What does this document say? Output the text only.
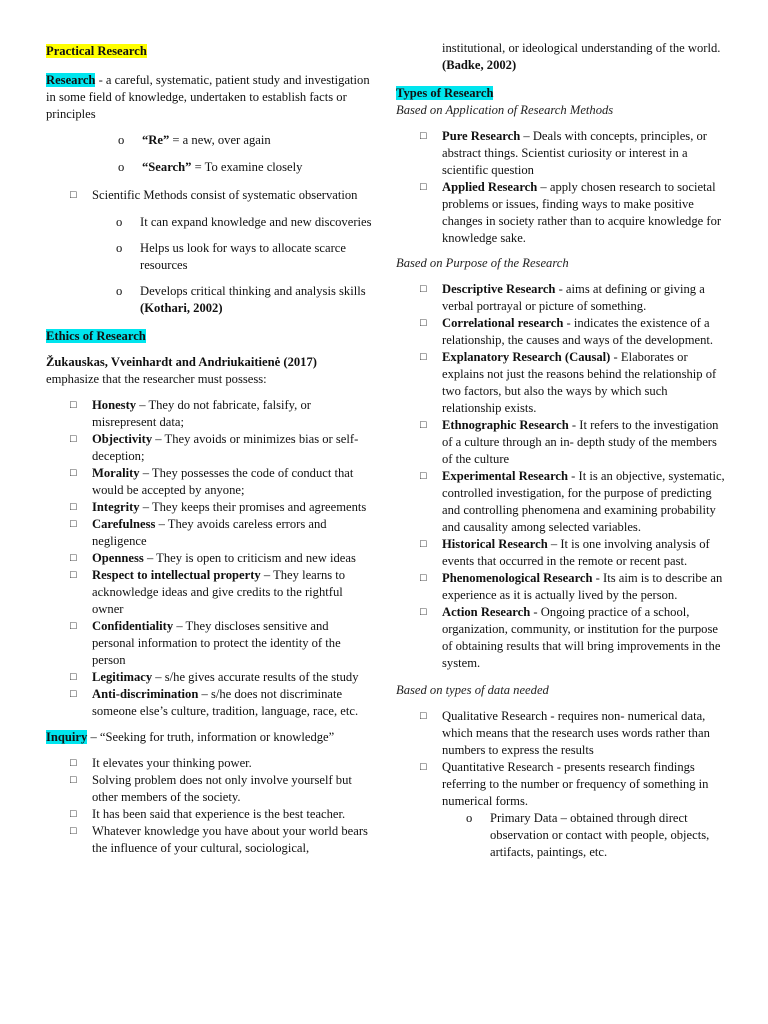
Practical Research

Research - a careful, systematic, patient study and investigation in some field of knowledge, undertaken to establish facts or principles

o “Re” = a new, over again
o “Search” = To examine closely
□ Scientific Methods consist of systematic observation
o It can expand knowledge and new discoveries
o Helps us look for ways to allocate scarce resources
o Develops critical thinking and analysis skills (Kothari, 2002)

Ethics of Research

Žukauskas, Vveinhardt and Andriukaitienė (2017)

emphasize that the researcher must possess:

□ Honesty – They do not fabricate, falsify, or misrepresent data;
□ Objectivity – They avoids or minimizes bias or self-deception;
□ Morality – They possesses the code of conduct that would be accepted by anyone;
□ Integrity – They keeps their promises and agreements
□ Carefulness – They avoids careless errors and negligence
□ Openness – They is open to criticism and new ideas
□ Respect to intellectual property – They learns to acknowledge ideas and give credits to the rightful owner
□ Confidentiality – They discloses sensitive and personal information to protect the identity of the person
□ Legitimacy – s/he gives accurate results of the study
□ Anti-discrimination – s/he does not discriminate someone else’s culture, tradition, language, race, etc.

Inquiry – “Seeking for truth, information or knowledge”

□ It elevates your thinking power.
□ Solving problem does not only involve yourself but other members of the society.
□ It has been said that experience is the best teacher.
□ Whatever knowledge you have about your world bears the influence of your cultural, sociological,

institutional, or ideological understanding of the world. (Badke, 2002)

Types of Research

Based on Application of Research Methods

□ Pure Research – Deals with concepts, principles, or abstract things. Scientist curiosity or interest in a scientific question
□ Applied Research – apply chosen research to societal problems or issues, finding ways to make positive changes in society rather than to acquire knowledge for knowledge sake.

Based on Purpose of the Research

□ Descriptive Research - aims at defining or giving a verbal portrayal or picture of something.
□ Correlational research - indicates the existence of a relationship, the causes and ways of the development.
□ Explanatory Research (Causal) - Elaborates or explains not just the reasons behind the relationship of two factors, but also the ways by which such relationship exists.
□ Ethnographic Research - It refers to the investigation of a culture through an in- depth study of the members of the culture
□ Experimental Research - It is an objective, systematic, controlled investigation, for the purpose of predicting and controlling phenomena and examining probability and causality among selected variables.
□ Historical Research – It is one involving analysis of events that occurred in the remote or recent past.
□ Phenomenological Research - Its aim is to describe an experience as it is actually lived by the person.
□ Action Research - Ongoing practice of a school, organization, community, or institution for the purpose of obtaining results that will bring improvements in the system.

Based on types of data needed

□ Qualitative Research - requires non- numerical data, which means that the research uses words rather than numbers to express the results
□ Quantitative Research - presents research findings referring to the number or frequency of something in numerical forms.
o Primary Data – obtained through direct observation or contact with people, objects, artifacts, paintings, etc.
